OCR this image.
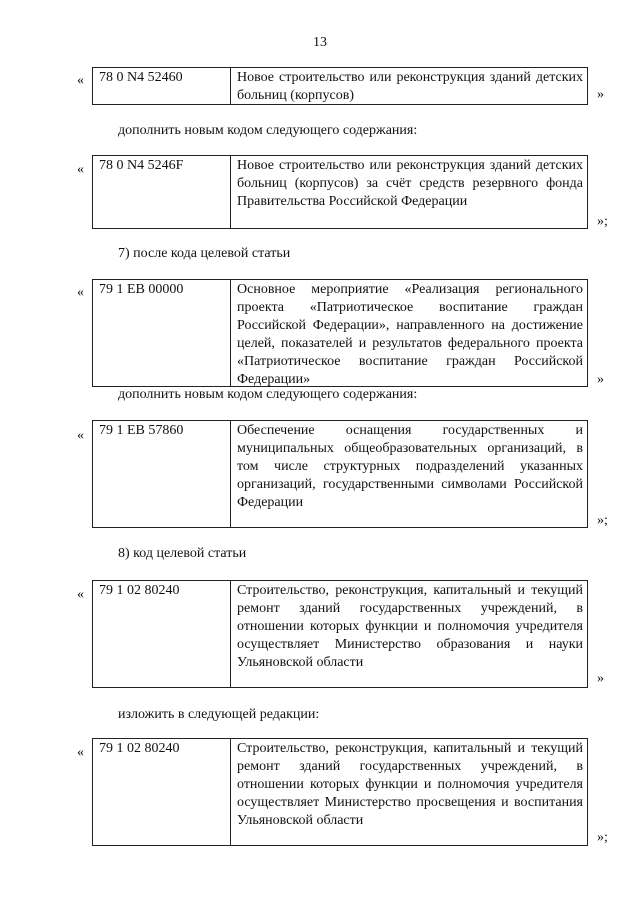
13
«	78 0 N4 52460	Новое строительство или реконструкция зданий детских больниц (корпусов)	»
дополнить новым кодом следующего содержания:
«	78 0 N4 5246F	Новое строительство или реконструкция зданий детских больниц (корпусов) за счёт средств резервного фонда Правительства Российской Федерации
»;
7) после кода целевой статьи
«	79 1 EB 00000	Основное мероприятие «Реализация регионального проекта «Патриотическое воспитание граждан Российской Федерации», направленного на достижение целей, показателей и результатов федерального проекта «Патриотическое воспитание граждан Российской Федерации»	»
дополнить новым кодом следующего содержания:
«	79 1 EB 57860	Обеспечение оснащения государственных и муниципальных общеобразовательных организаций, в том числе структурных подразделений указанных организаций, государственными символами Российской Федерации
»;
8) код целевой статьи
«	79 1 02 80240	Строительство, реконструкция, капитальный и текущий ремонт зданий государственных учреждений, в отношении которых функции и полномочия учредителя осуществляет Министерство образования и науки Ульяновской области
»
изложить в следующей редакции:
«	79 1 02 80240	Строительство, реконструкция, капитальный и текущий ремонт зданий государственных учреждений, в отношении которых функции и полномочия учредителя осуществляет Министерство просвещения и воспитания Ульяновской области
»;
